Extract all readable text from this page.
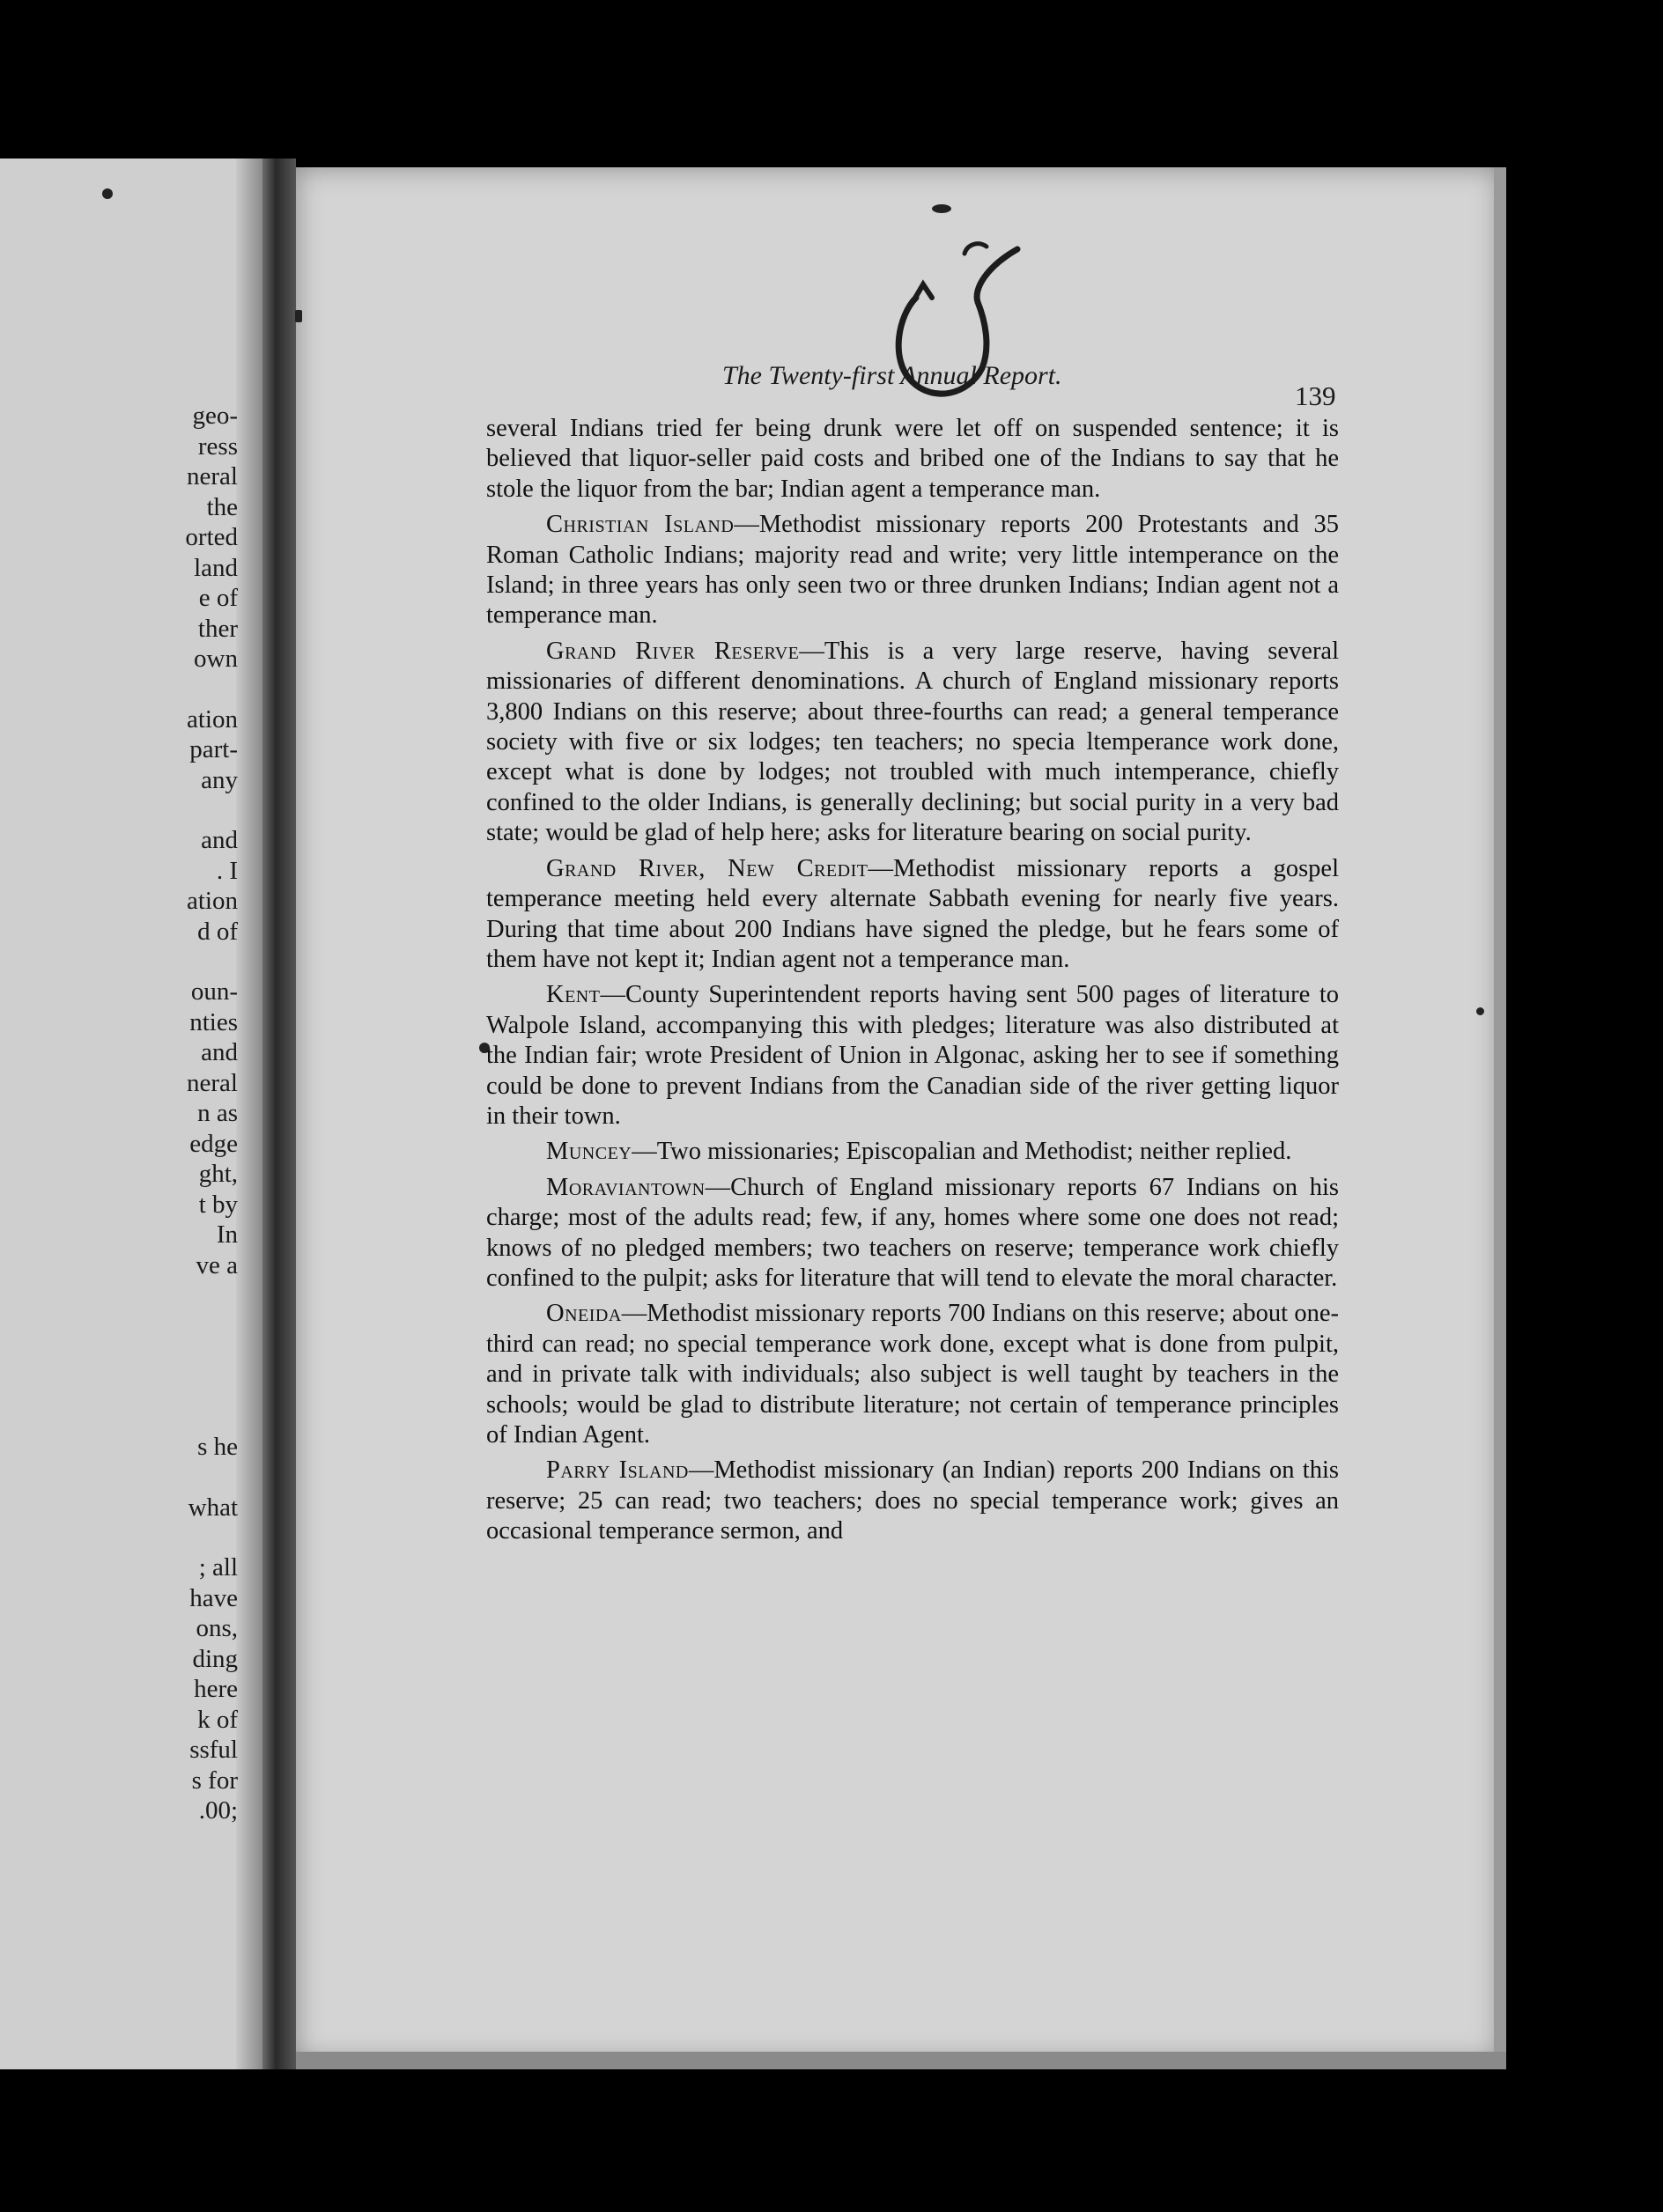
geo-
ress
neral
the
orted
land
e of
ther
own
ation
part-
any
and
. I
ation
d of
oun-
nties
and
neral
n as
edge
ght,
t by
In
ve a
s he
what
; all
have
ons,
ding
here
k of
ssful
s for
.00;
The Twenty-first Annual Report.
139

several Indians tried fer being drunk were let off on suspended sentence; it is believed that liquor-seller paid costs and bribed one of the Indians to say that he stole the liquor from the bar; Indian agent a temperance man.

Christian Island—Methodist missionary reports 200 Protestants and 35 Roman Catholic Indians; majority read and write; very little intemperance on the Island; in three years has only seen two or three drunken Indians; Indian agent not a temperance man.

Grand River Reserve—This is a very large reserve, having several missionaries of different denominations. A church of England missionary reports 3,800 Indians on this reserve; about three-fourths can read; a general temperance society with five or six lodges; ten teachers; no specia ltemperance work done, except what is done by lodges; not troubled with much intemperance, chiefly confined to the older Indians, is generally declining; but social purity in a very bad state; would be glad of help here; asks for literature bearing on social purity.

Grand River, New Credit—Methodist missionary reports a gospel temperance meeting held every alternate Sabbath evening for nearly five years. During that time about 200 Indians have signed the pledge, but he fears some of them have not kept it; Indian agent not a temperance man.

Kent—County Superintendent reports having sent 500 pages of literature to Walpole Island, accompanying this with pledges; literature was also distributed at the Indian fair; wrote President of Union in Algonac, asking her to see if something could be done to prevent Indians from the Canadian side of the river getting liquor in their town.

Muncey—Two missionaries; Episcopalian and Methodist; neither replied.

Moraviantown—Church of England missionary reports 67 Indians on his charge; most of the adults read; few, if any, homes where some one does not read; knows of no pledged members; two teachers on reserve; temperance work chiefly confined to the pulpit; asks for literature that will tend to elevate the moral character.

Oneida—Methodist missionary reports 700 Indians on this reserve; about one-third can read; no special temperance work done, except what is done from pulpit, and in private talk with individuals; also subject is well taught by teachers in the schools; would be glad to distribute literature; not certain of temperance principles of Indian Agent.

Parry Island—Methodist missionary (an Indian) reports 200 Indians on this reserve; 25 can read; two teachers; does no special temperance work; gives an occasional temperance sermon, and
